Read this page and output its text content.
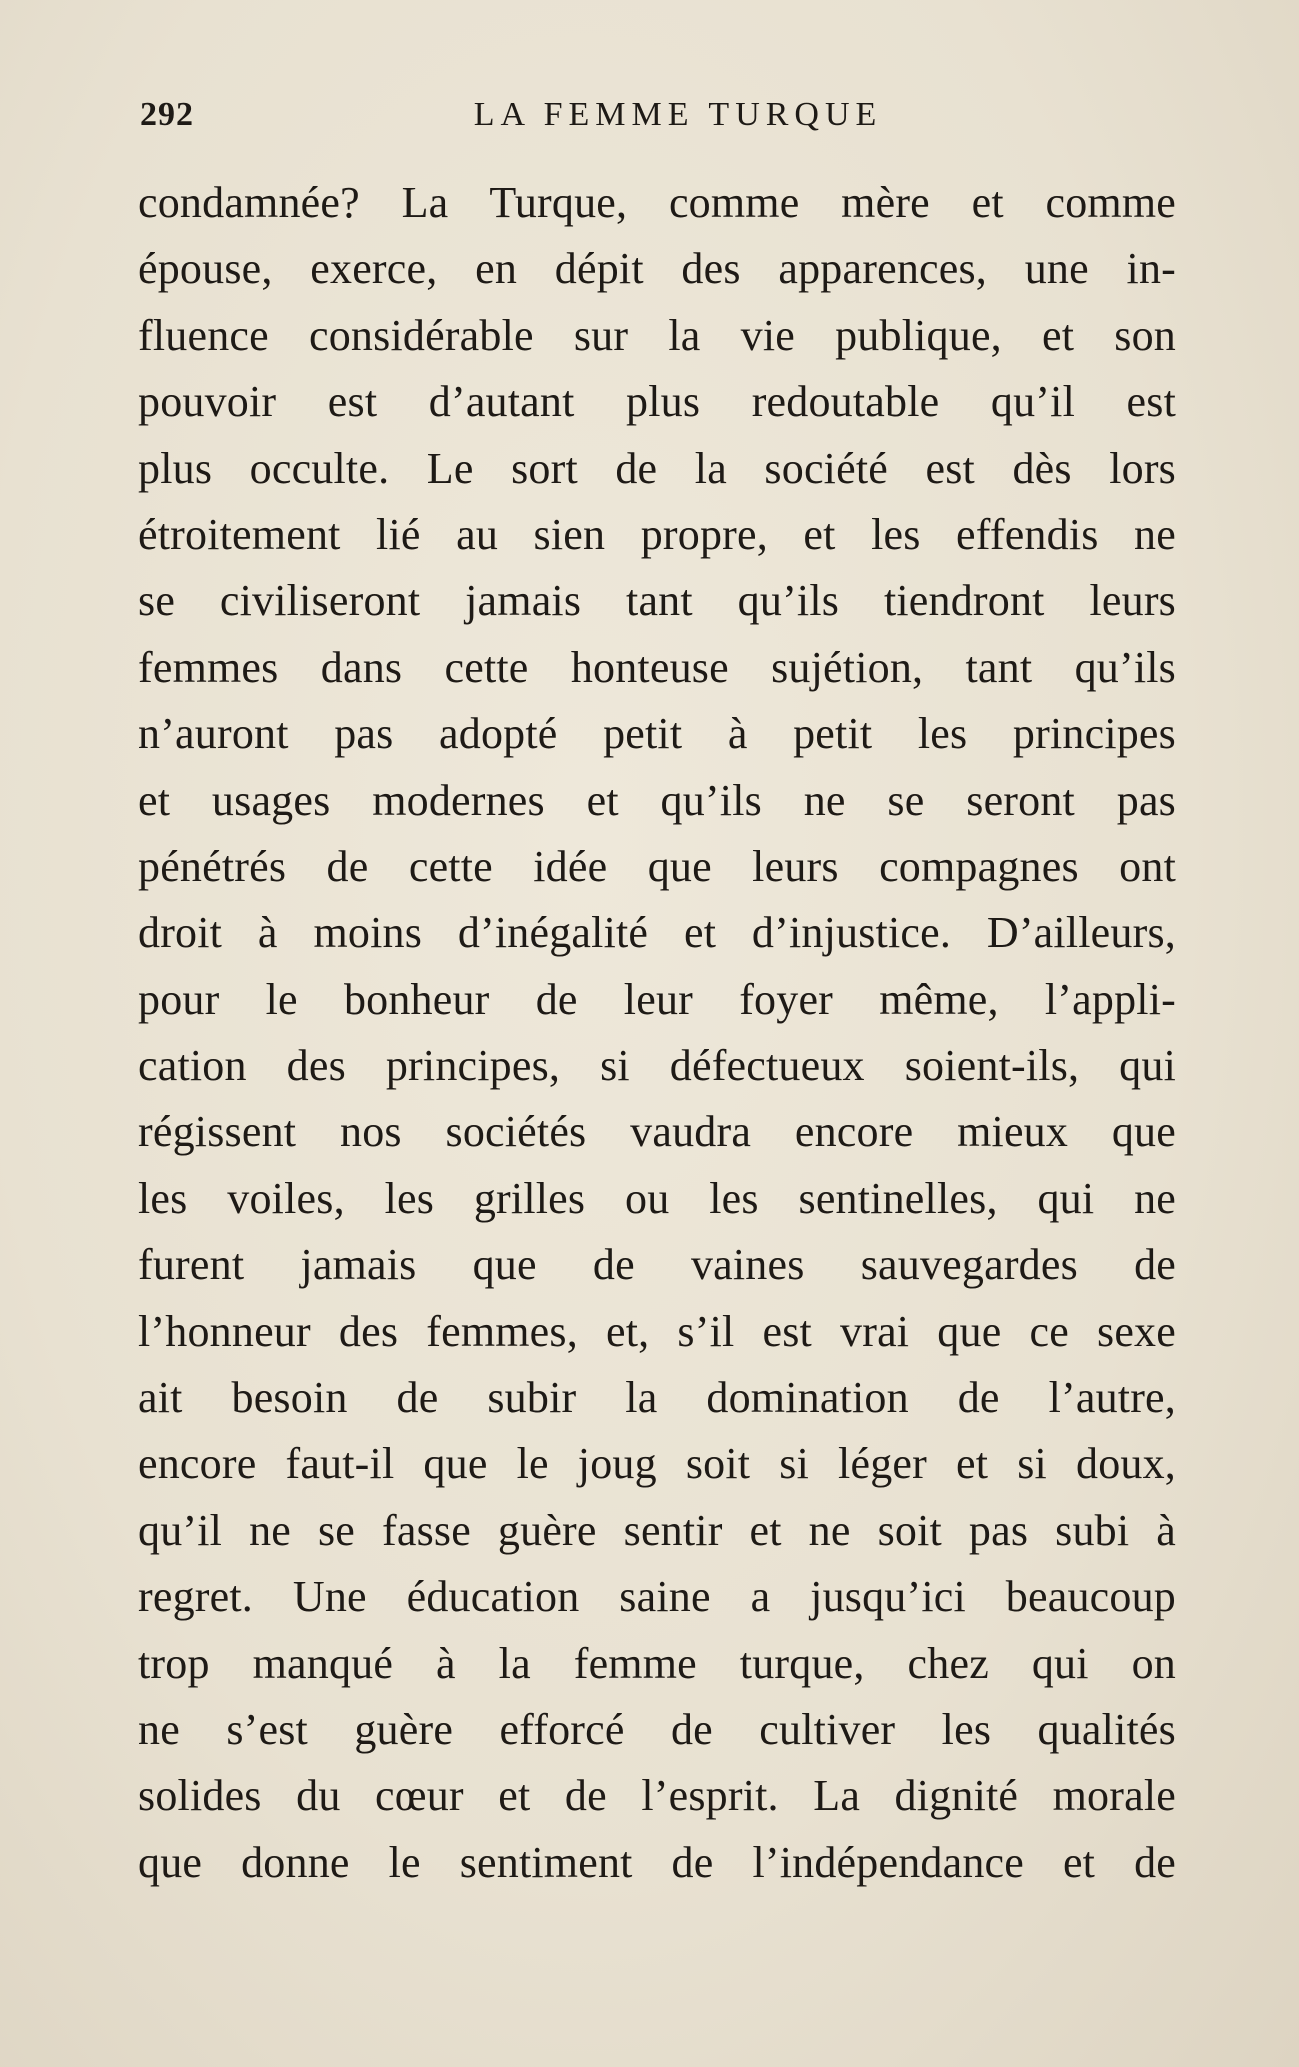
292	LA FEMME TURQUE
condamnée? La Turque, comme mère et comme
épouse, exerce, en dépit des apparences, une in-
fluence considérable sur la vie publique, et son
pouvoir est d’autant plus redoutable qu’il est
plus occulte. Le sort de la société est dès lors
étroitement lié au sien propre, et les effendis ne
se civiliseront jamais tant qu’ils tiendront leurs
femmes dans cette honteuse sujétion, tant qu’ils
n’auront pas adopté petit à petit les principes
et usages modernes et qu’ils ne se seront pas
pénétrés de cette idée que leurs compagnes ont
droit à moins d’inégalité et d’injustice. D’ailleurs,
pour le bonheur de leur foyer même, l’appli-
cation des principes, si défectueux soient-ils, qui
régissent nos sociétés vaudra encore mieux que
les voiles, les grilles ou les sentinelles, qui ne
furent jamais que de vaines sauvegardes de
l’honneur des femmes, et, s’il est vrai que ce sexe
ait besoin de subir la domination de l’autre,
encore faut-il que le joug soit si léger et si doux,
qu’il ne se fasse guère sentir et ne soit pas subi à
regret. Une éducation saine a jusqu’ici beaucoup
trop manqué à la femme turque, chez qui on
ne s’est guère efforcé de cultiver les qualités
solides du cœur et de l’esprit. La dignité morale
que donne le sentiment de l’indépendance et de
